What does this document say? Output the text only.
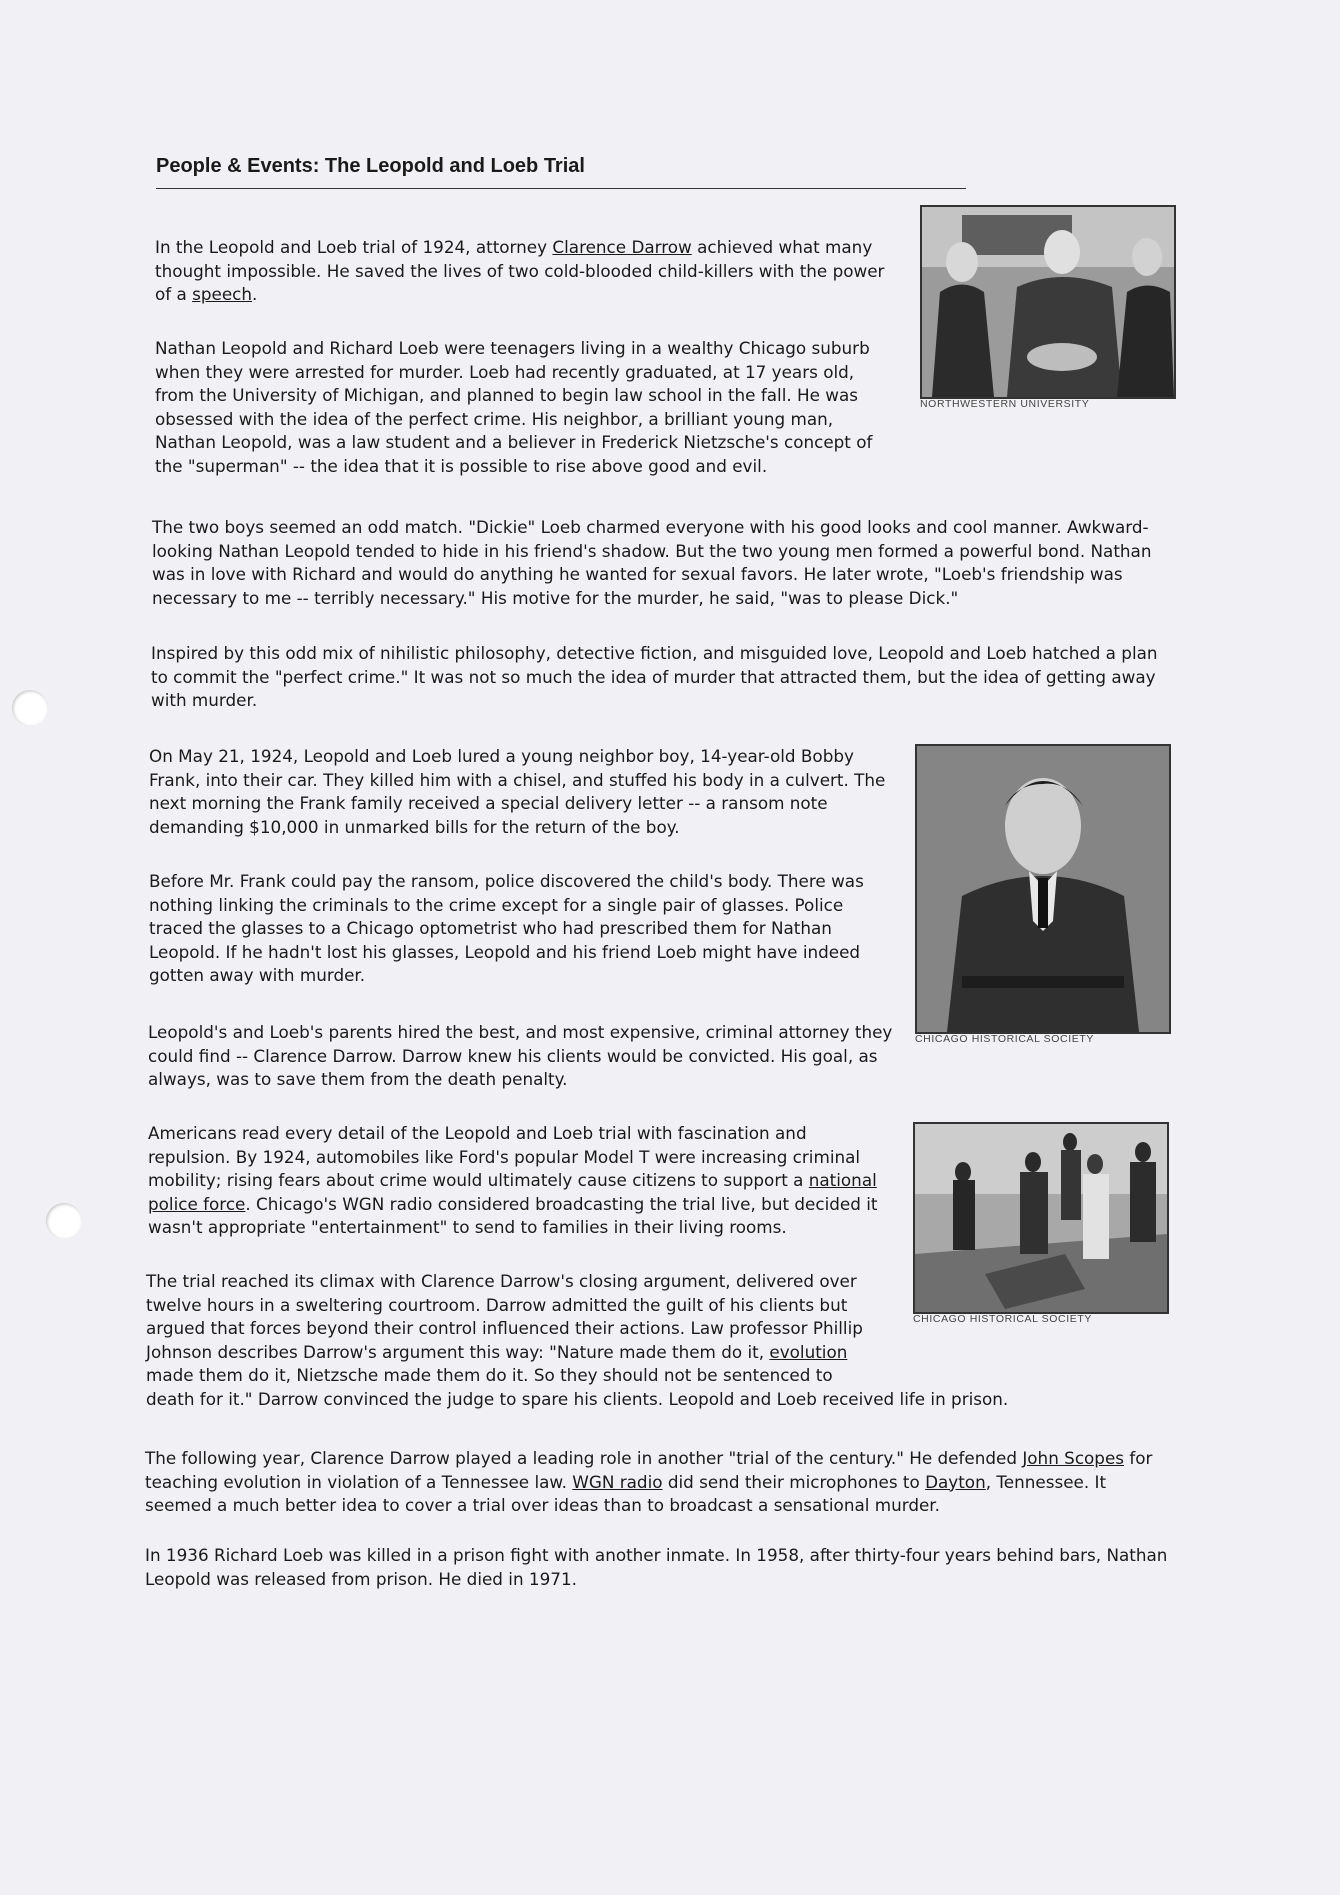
People & Events: The Leopold and Loeb Trial
NORTHWESTERN UNIVERSITY
CHICAGO HISTORICAL SOCIETY
CHICAGO HISTORICAL SOCIETY

In the Leopold and Loeb trial of 1924, attorney Clarence Darrow achieved what many thought impossible. He saved the lives of two cold-blooded child-killers with the power of a speech.

Nathan Leopold and Richard Loeb were teenagers living in a wealthy Chicago suburb when they were arrested for murder. Loeb had recently graduated, at 17 years old, from the University of Michigan, and planned to begin law school in the fall. He was obsessed with the idea of the perfect crime. His neighbor, a brilliant young man, Nathan Leopold, was a law student and a believer in Frederick Nietzsche's concept of the "superman" -- the idea that it is possible to rise above good and evil.

The two boys seemed an odd match. "Dickie" Loeb charmed everyone with his good looks and cool manner. Awkward-looking Nathan Leopold tended to hide in his friend's shadow. But the two young men formed a powerful bond. Nathan was in love with Richard and would do anything he wanted for sexual favors. He later wrote, "Loeb's friendship was necessary to me -- terribly necessary." His motive for the murder, he said, "was to please Dick."

Inspired by this odd mix of nihilistic philosophy, detective fiction, and misguided love, Leopold and Loeb hatched a plan to commit the "perfect crime." It was not so much the idea of murder that attracted them, but the idea of getting away with murder.

On May 21, 1924, Leopold and Loeb lured a young neighbor boy, 14-year-old Bobby Frank, into their car. They killed him with a chisel, and stuffed his body in a culvert. The next morning the Frank family received a special delivery letter -- a ransom note demanding $10,000 in unmarked bills for the return of the boy.

Before Mr. Frank could pay the ransom, police discovered the child's body. There was nothing linking the criminals to the crime except for a single pair of glasses. Police traced the glasses to a Chicago optometrist who had prescribed them for Nathan Leopold. If he hadn't lost his glasses, Leopold and his friend Loeb might have indeed gotten away with murder.

Leopold's and Loeb's parents hired the best, and most expensive, criminal attorney they could find -- Clarence Darrow. Darrow knew his clients would be convicted. His goal, as always, was to save them from the death penalty.

Americans read every detail of the Leopold and Loeb trial with fascination and repulsion. By 1924, automobiles like Ford's popular Model T were increasing criminal mobility; rising fears about crime would ultimately cause citizens to support a national police force. Chicago's WGN radio considered broadcasting the trial live, but decided it wasn't appropriate "entertainment" to send to families in their living rooms.

The trial reached its climax with Clarence Darrow's closing argument, delivered over twelve hours in a sweltering courtroom. Darrow admitted the guilt of his clients but argued that forces beyond their control influenced their actions. Law professor Phillip Johnson describes Darrow's argument this way: "Nature made them do it, evolution made them do it, Nietzsche made them do it. So they should not be sentenced to death for it." Darrow convinced the judge to spare his clients. Leopold and Loeb received life in prison.

The following year, Clarence Darrow played a leading role in another "trial of the century." He defended John Scopes for teaching evolution in violation of a Tennessee law. WGN radio did send their microphones to Dayton, Tennessee. It seemed a much better idea to cover a trial over ideas than to broadcast a sensational murder.

In 1936 Richard Loeb was killed in a prison fight with another inmate. In 1958, after thirty-four years behind bars, Nathan Leopold was released from prison. He died in 1971.
